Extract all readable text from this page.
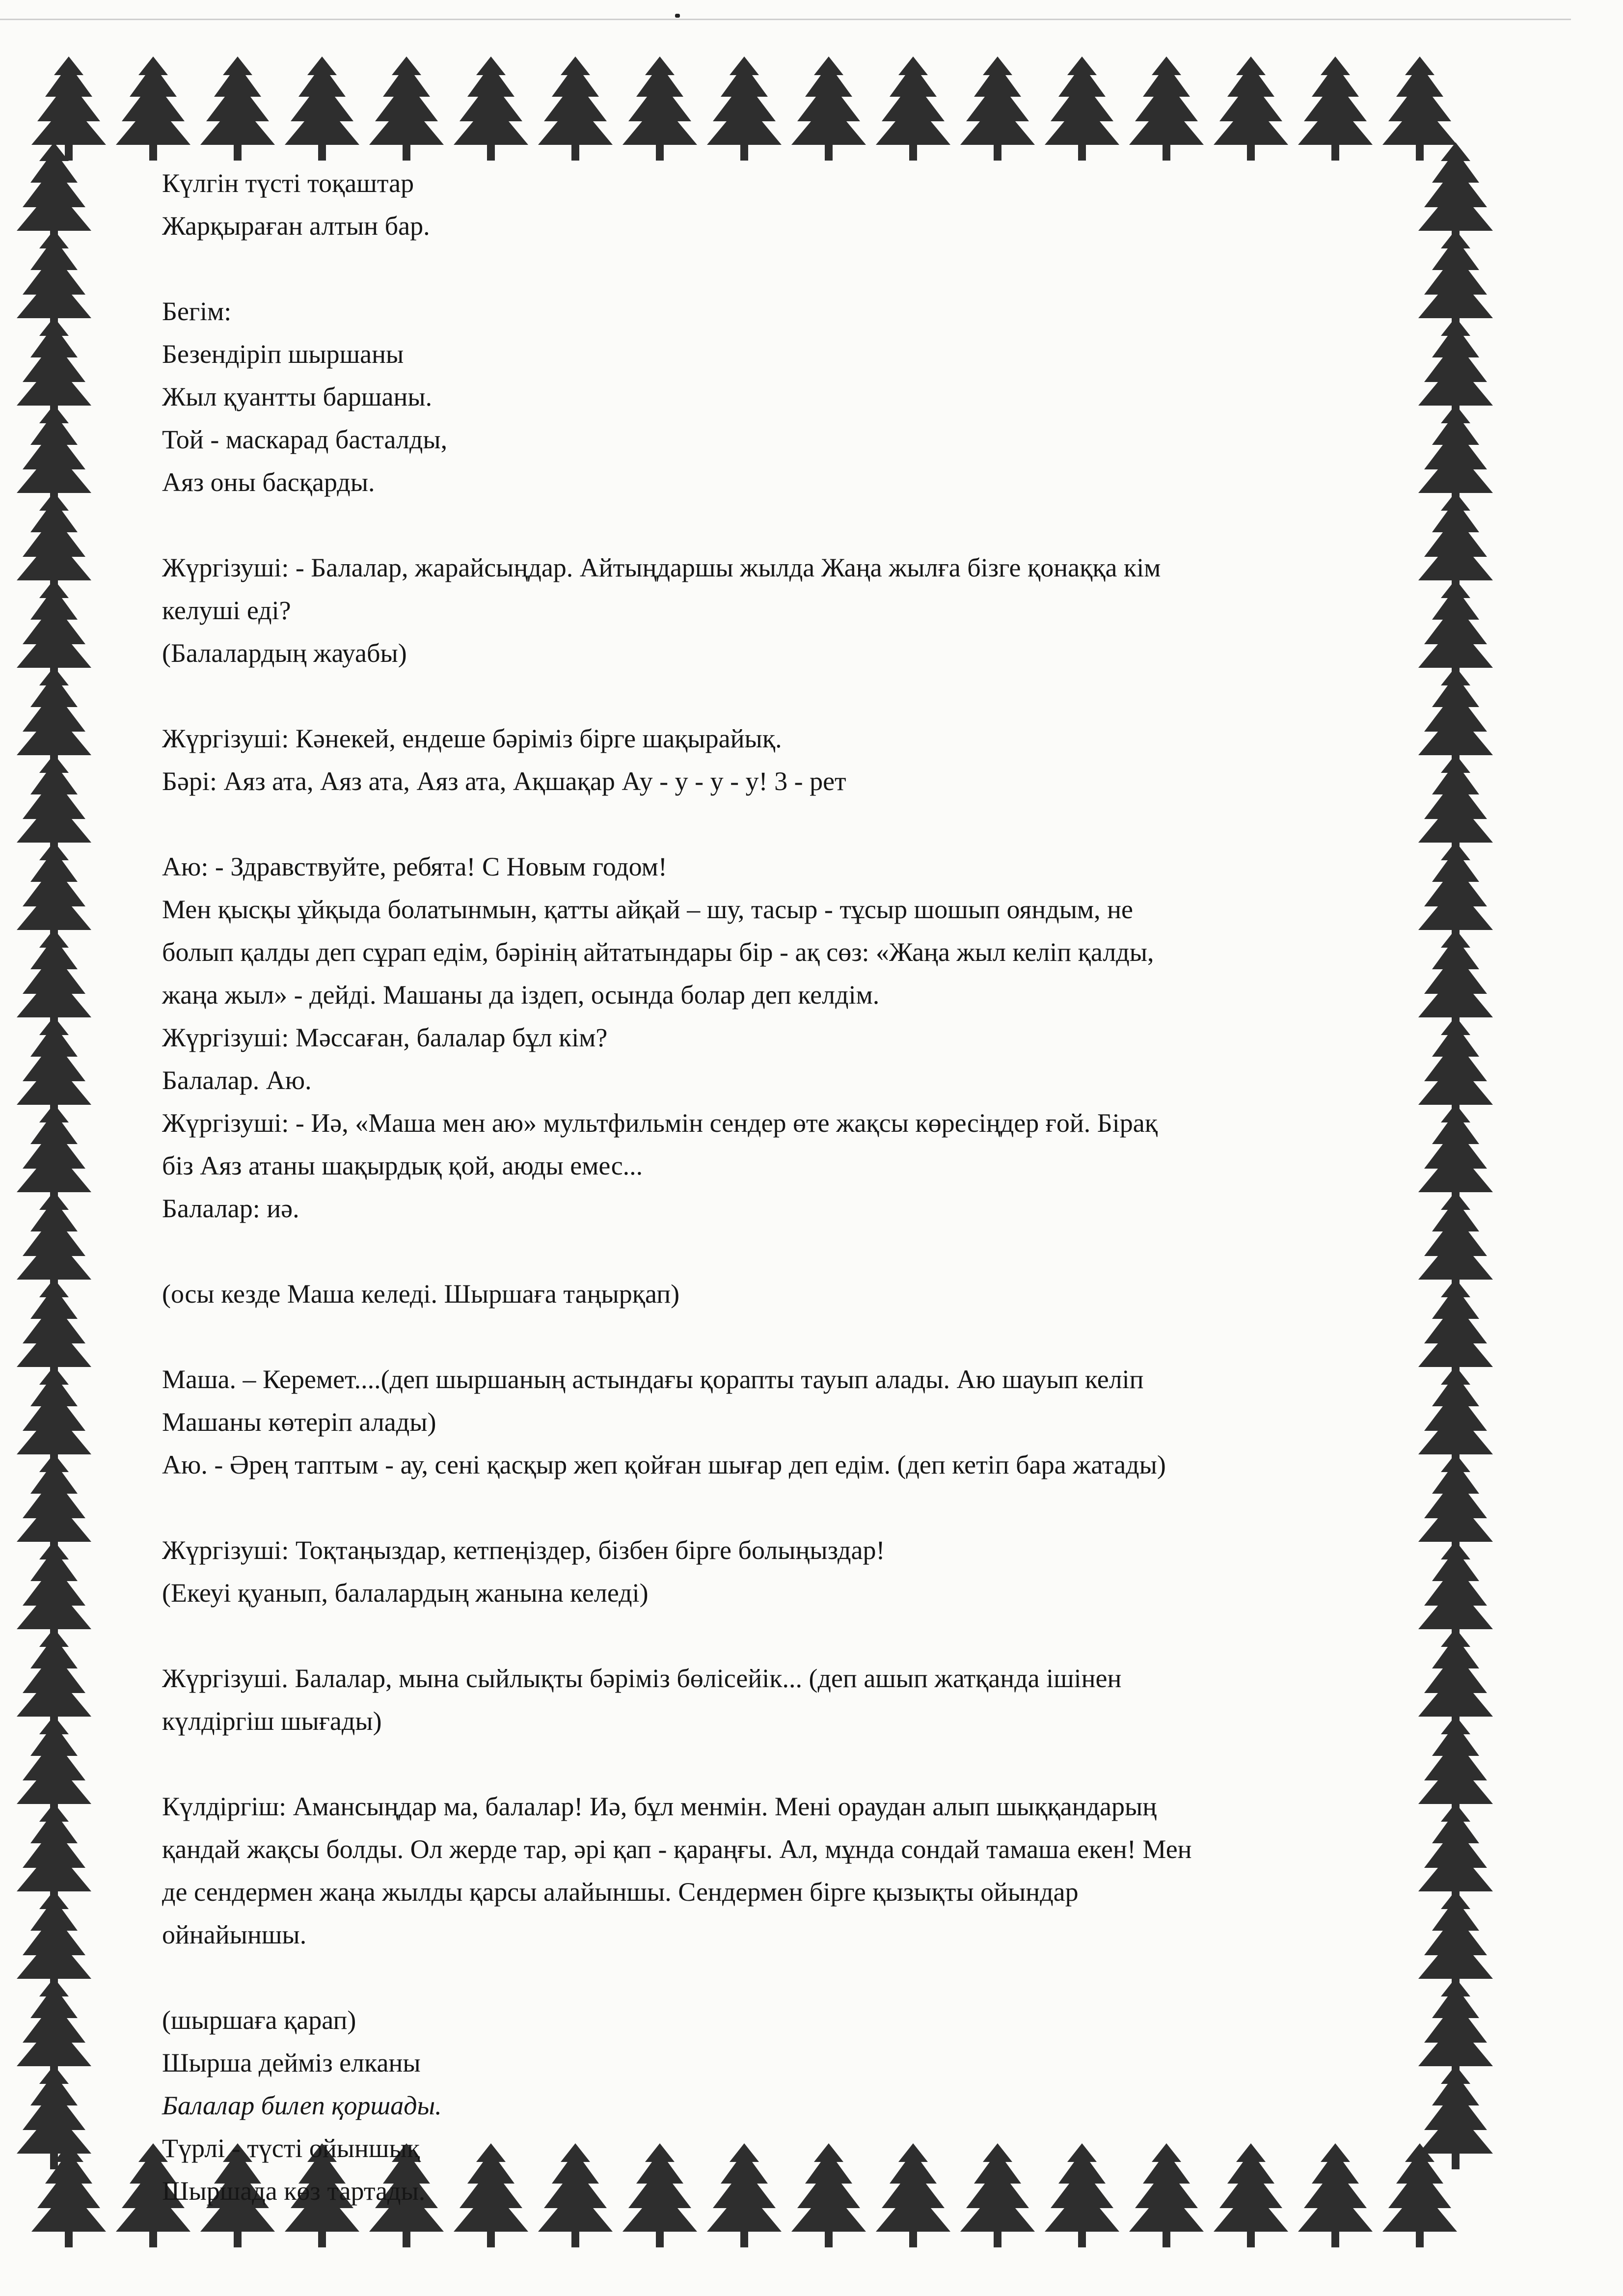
Күлгін түсті тоқаштар
Жарқыраған алтын бар.
Бегім:
Безендіріп шыршаны
Жыл қуантты баршаны.
Той - маскарад басталды,
Аяз оны басқарды.
Жүргізуші: - Балалар, жарайсыңдар. Айтыңдаршы жылда Жаңа жылға бізге қонаққа кім
келуші еді?
(Балалардың жауабы)
Жүргізуші: Кәнекей, ендеше бәріміз бірге шақырайық.
Бәрі: Аяз ата, Аяз ата, Аяз ата, Ақшақар Ау - у - у - у! 3 - рет
Аю: - Здравствуйте, ребята! С Новым годом!
Мен қысқы ұйқыда болатынмын, қатты айқай – шу, тасыр - тұсыр шошып ояндым, не
болып қалды деп сұрап едім, бәрінің айтатындары бір - ақ сөз: «Жаңа жыл келіп қалды,
жаңа жыл» - дейді. Машаны да іздеп, осында болар деп келдім.
Жүргізуші: Мәссаған, балалар бұл кім?
Балалар. Аю.
Жүргізуші: - Иә, «Маша мен аю» мультфильмін сендер өте жақсы көресіңдер ғой. Бірақ
біз Аяз атаны шақырдық қой, аюды емес...
Балалар: иә.
(осы кезде Маша келеді. Шыршаға таңырқап)
Маша. – Керемет....(деп шыршаның астындағы қорапты тауып алады. Аю шауып келіп
Машаны көтеріп алады)
Аю. - Әрең таптым - ау, сені қасқыр жеп қойған шығар деп едім. (деп кетіп бара жатады)
Жүргізуші: Тоқтаңыздар, кетпеңіздер, бізбен бірге болыңыздар!
(Екеуі қуанып, балалардың жанына келеді)
Жүргізуші. Балалар, мына сыйлықты бәріміз бөлісейік... (деп ашып жатқанда ішінен
күлдіргіш шығады)
Күлдіргіш: Амансыңдар ма, балалар! Иә, бұл менмін. Мені ораудан алып шыққандарың
қандай жақсы болды. Ол жерде тар, әрі қап - қараңғы. Ал, мұнда сондай тамаша екен! Мен
де сендермен жаңа жылды қарсы алайыншы. Сендермен бірге қызықты ойындар
ойнайыншы.
(шыршаға қарап)
Шырша дейміз елканы
Балалар билеп қоршады.
Түрлі - түсті ойыншық
Шыршада көз тартады.
